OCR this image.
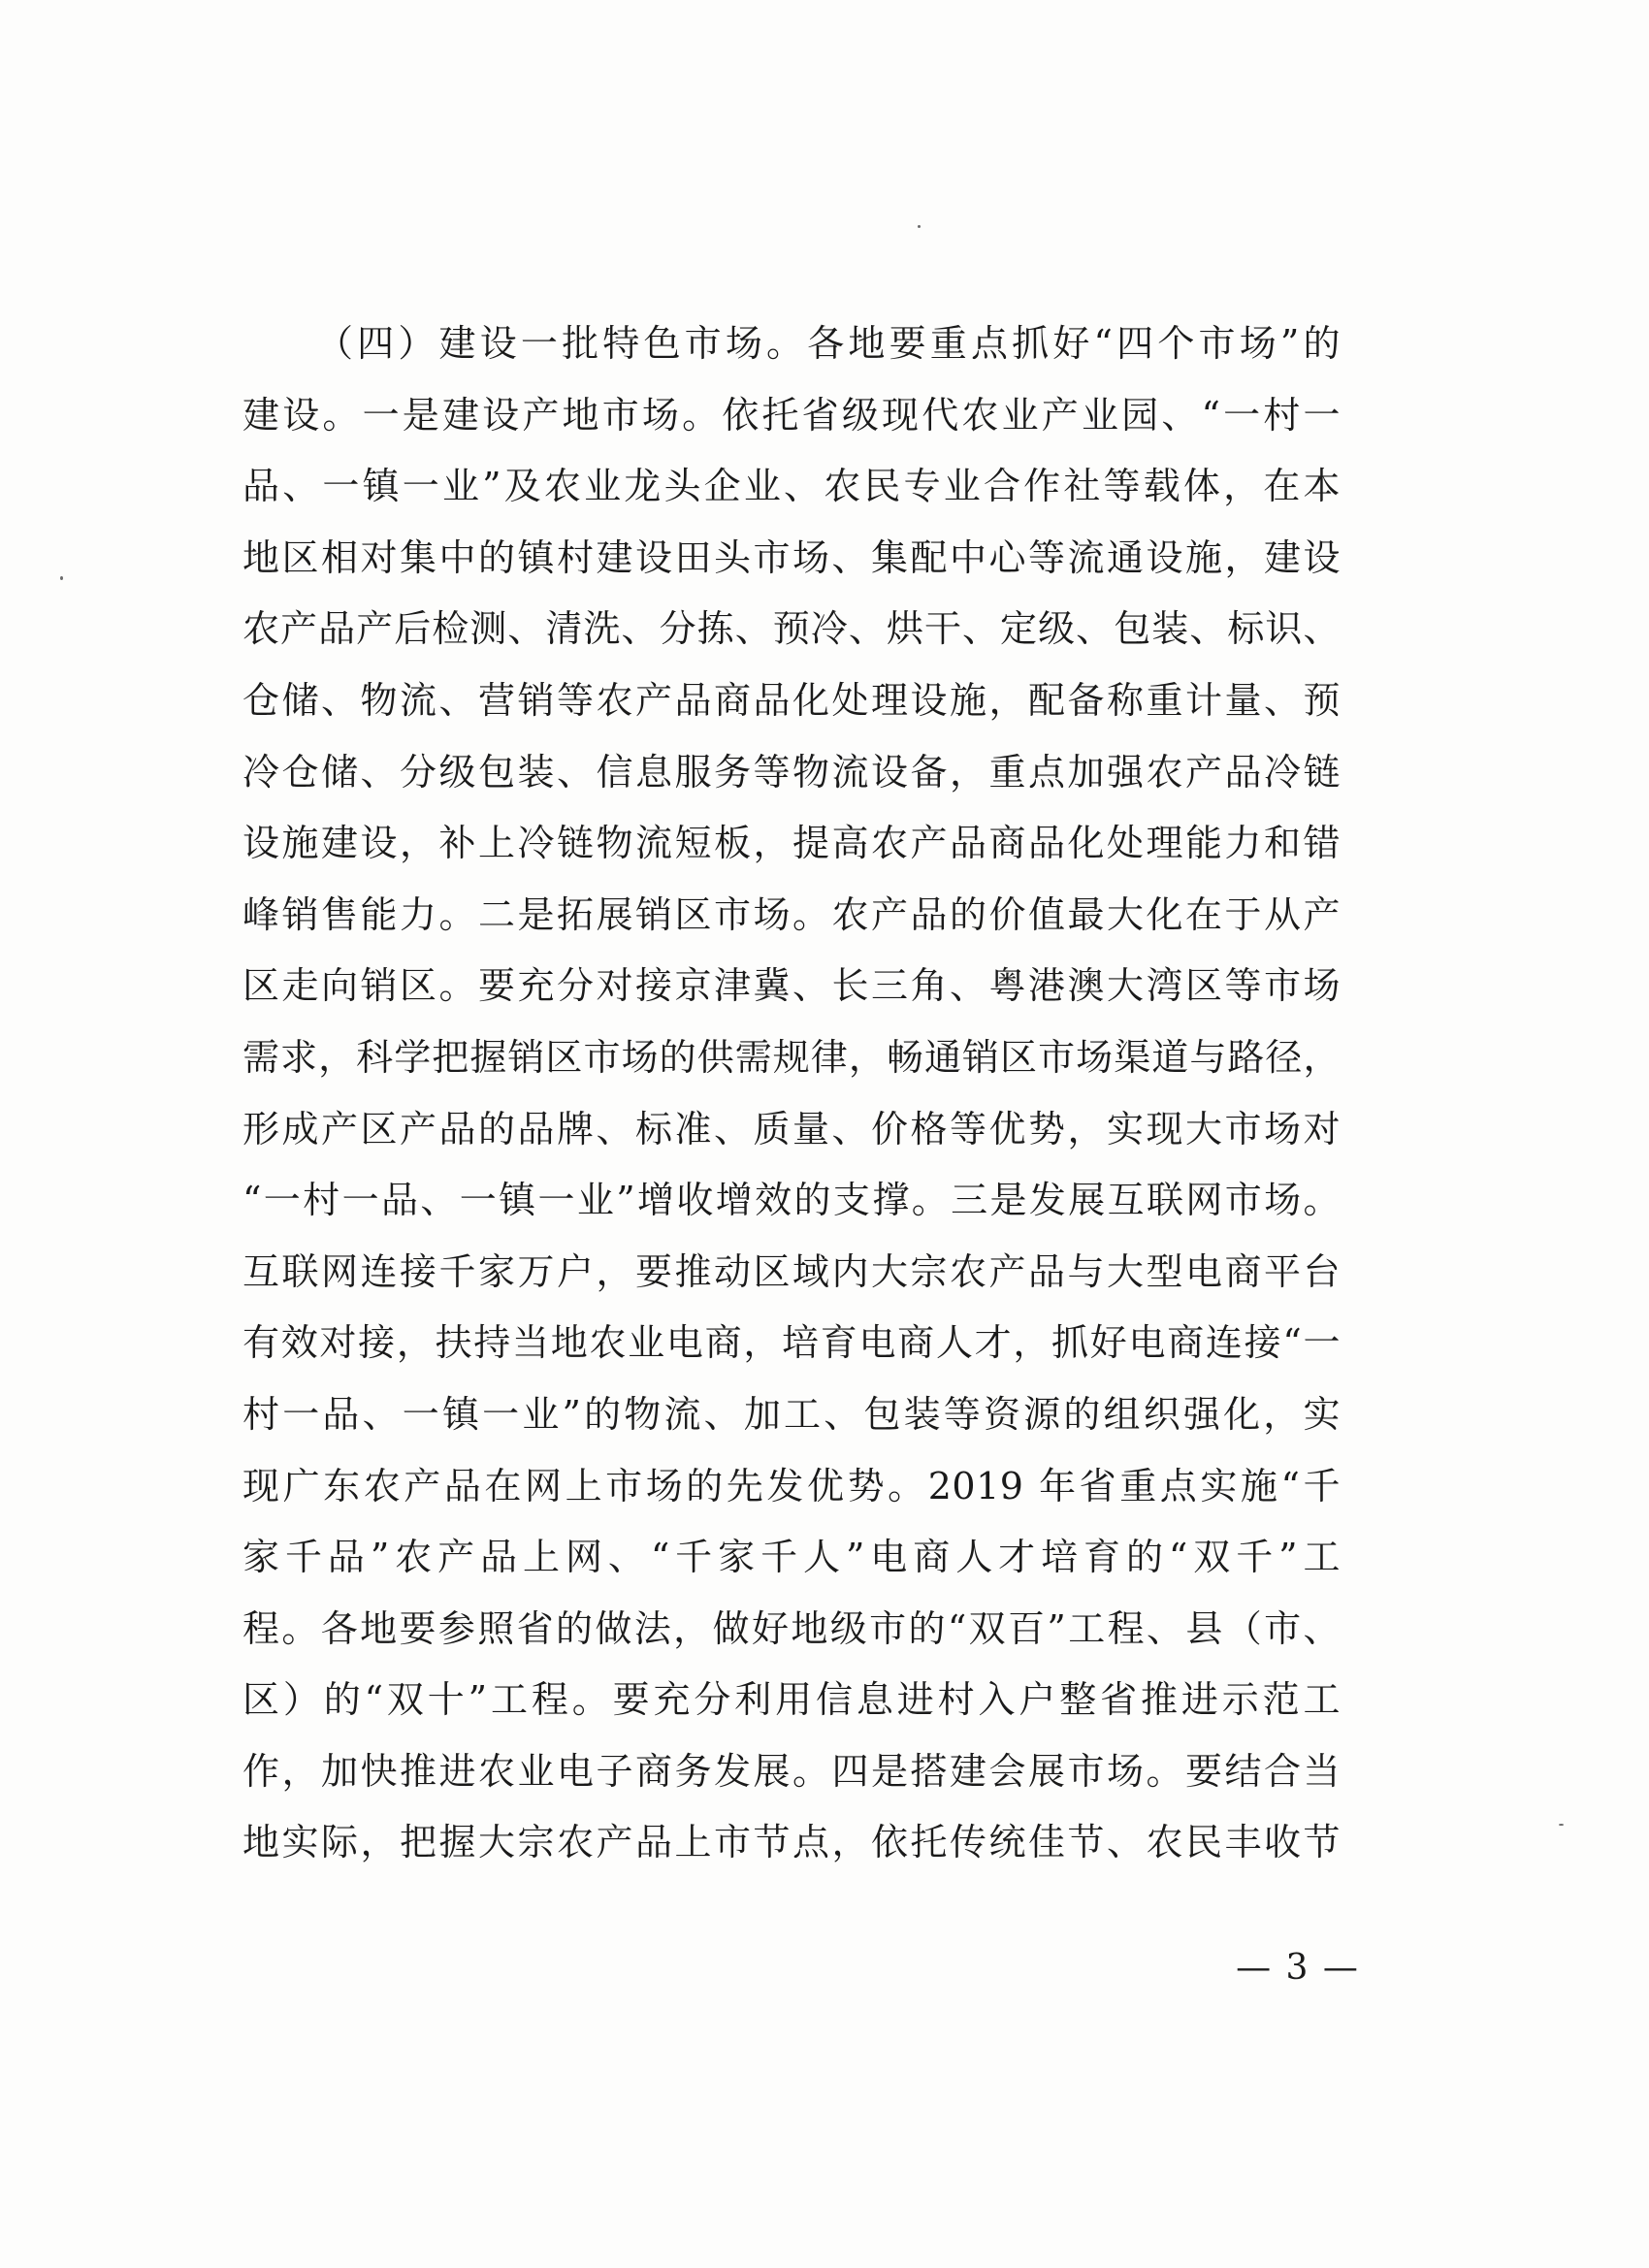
（四）建设一批特色市场。各地要重点抓好“四个市场”的
建设。一是建设产地市场。依托省级现代农业产业园、“一村一
品、一镇一业”及农业龙头企业、农民专业合作社等载体，在本
地区相对集中的镇村建设田头市场、集配中心等流通设施，建设
农产品产后检测、清洗、分拣、预冷、烘干、定级、包装、标识、
仓储、物流、营销等农产品商品化处理设施，配备称重计量、预
冷仓储、分级包装、信息服务等物流设备，重点加强农产品冷链
设施建设，补上冷链物流短板，提高农产品商品化处理能力和错
峰销售能力。二是拓展销区市场。农产品的价值最大化在于从产
区走向销区。要充分对接京津冀、长三角、粤港澳大湾区等市场
需求，科学把握销区市场的供需规律，畅通销区市场渠道与路径，
形成产区产品的品牌、标准、质量、价格等优势，实现大市场对
“一村一品、一镇一业”增收增效的支撑。三是发展互联网市场。
互联网连接千家万户，要推动区域内大宗农产品与大型电商平台
有效对接，扶持当地农业电商，培育电商人才，抓好电商连接“一
村一品、一镇一业”的物流、加工、包装等资源的组织强化，实
现广东农产品在网上市场的先发优势。2019 年省重点实施“千
家千品”农产品上网、“千家千人”电商人才培育的“双千”工
程。各地要参照省的做法，做好地级市的“双百”工程、县（市、
区）的“双十”工程。要充分利用信息进村入户整省推进示范工
作，加快推进农业电子商务发展。四是搭建会展市场。要结合当
地实际，把握大宗农产品上市节点，依托传统佳节、农民丰收节
— 3 —
